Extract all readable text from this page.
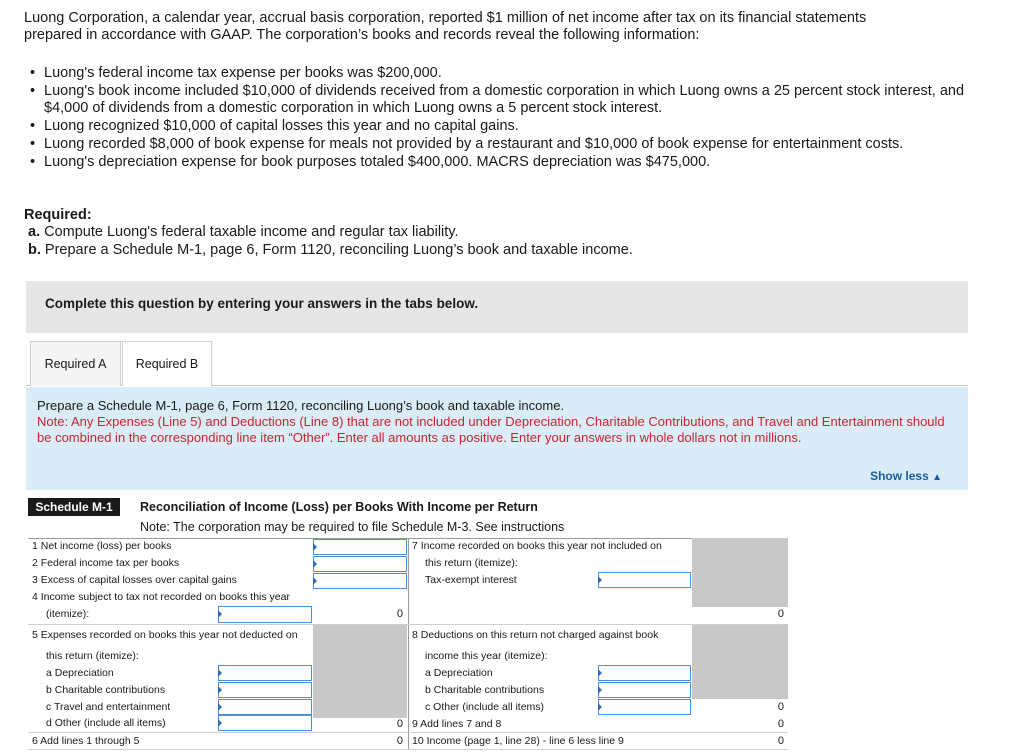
Luong Corporation, a calendar year, accrual basis corporation, reported $1 million of net income after tax on its financial statements prepared in accordance with GAAP. The corporation’s books and records reveal the following information:
• Luong's federal income tax expense per books was $200,000.
• Luong's book income included $10,000 of dividends received from a domestic corporation in which Luong owns a 25 percent stock interest, and $4,000 of dividends from a domestic corporation in which Luong owns a 5 percent stock interest.
• Luong recognized $10,000 of capital losses this year and no capital gains.
• Luong recorded $8,000 of book expense for meals not provided by a restaurant and $10,000 of book expense for entertainment costs.
• Luong's depreciation expense for book purposes totaled $400,000. MACRS depreciation was $475,000.
Required:
a. Compute Luong's federal taxable income and regular tax liability.
b. Prepare a Schedule M-1, page 6, Form 1120, reconciling Luong’s book and taxable income.
Complete this question by entering your answers in the tabs below.
Required A	Required B
Prepare a Schedule M-1, page 6, Form 1120, reconciling Luong’s book and taxable income.
Note: Any Expenses (Line 5) and Deductions (Line 8) that are not included under Depreciation, Charitable Contributions, and Travel and Entertainment should be combined in the corresponding line item “Other”. Enter all amounts as positive. Enter your answers in whole dollars not in millions.
Show less ▲
Schedule M-1	Reconciliation of Income (Loss) per Books With Income per Return
Note: The corporation may be required to file Schedule M-3. See instructions
1 Net income (loss) per books
2 Federal income tax per books
3 Excess of capital losses over capital gains
4 Income subject to tax not recorded on books this year
(itemize):
5 Expenses recorded on books this year not deducted on
this return (itemize):
a Depreciation
b Charitable contributions
c Travel and entertainment
d Other (include all items)
6 Add lines 1 through 5
0
0
0
7 Income recorded on books this year not included on
this return (itemize):
Tax-exempt interest
8 Deductions on this return not charged against book
income this year (itemize):
a Depreciation
b Charitable contributions
c Other (include all items)
9 Add lines 7 and 8
10 Income (page 1, line 28) - line 6 less line 9
0
0
0
0
